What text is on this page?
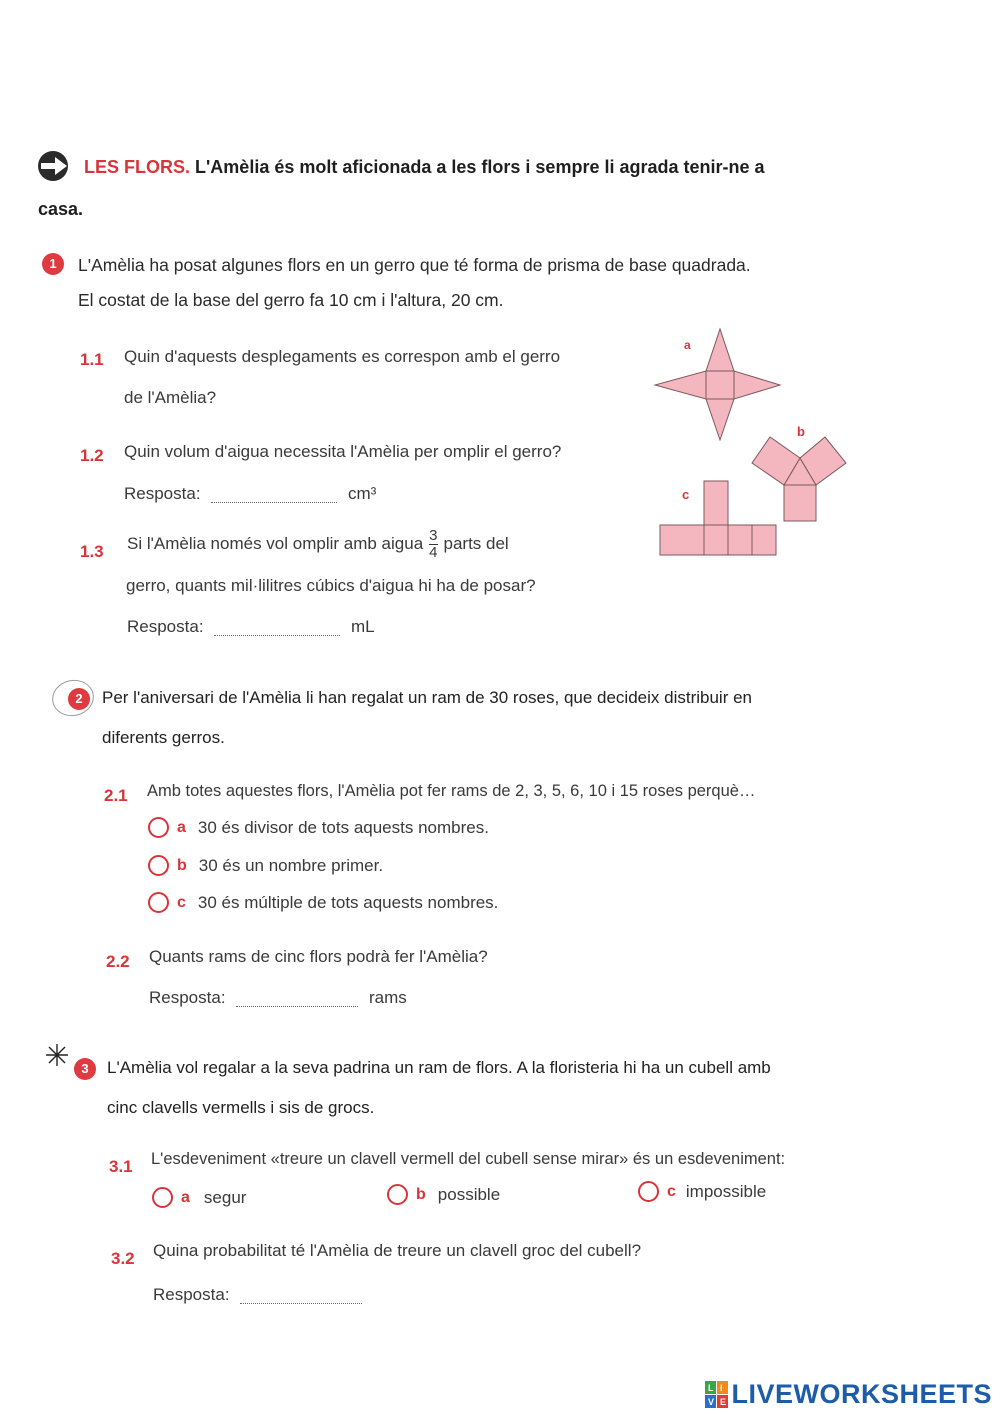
LES FLORS. L'Amèlia és molt aficionada a les flors i sempre li agrada tenir-ne a
casa.
1	L'Amèlia ha posat algunes flors en un gerro que té forma de prisma de base quadrada.
El costat de la base del gerro fa 10 cm i l'altura, 20 cm.
1.1 Quin d'aquests desplegaments es correspon amb el gerro
de l'Amèlia?
1.2 Quin volum d'aigua necessita l'Amèlia per omplir el gerro?
Resposta:	cm³
1.3 Si l'Amèlia només vol omplir amb aigua $\frac{3}{4}$ parts del
gerro, quants mil·lilitres cúbics d'aigua hi ha de posar?
Resposta:	mL
a
b
c
2	Per l'aniversari de l'Amèlia li han regalat un ram de 30 roses, que decideix distribuir en
diferents gerros.
2.1 Amb totes aquestes flors, l'Amèlia pot fer rams de 2, 3, 5, 6, 10 i 15 roses perquè…
a 30 és divisor de tots aquests nombres.
b 30 és un nombre primer.
c 30 és múltiple de tots aquests nombres.
2.2 Quants rams de cinc flors podrà fer l'Amèlia?
Resposta:	rams
3	L'Amèlia vol regalar a la seva padrina un ram de flors. A la floristeria hi ha un cubell amb
cinc clavells vermells i sis de grocs.
3.1 L'esdeveniment «treure un clavell vermell del cubell sense mirar» és un esdeveniment:
a segur	b possible	c impossible
3.2 Quina probabilitat té l'Amèlia de treure un clavell groc del cubell?
Resposta:
L I
V E LIVEWORKSHEETS
